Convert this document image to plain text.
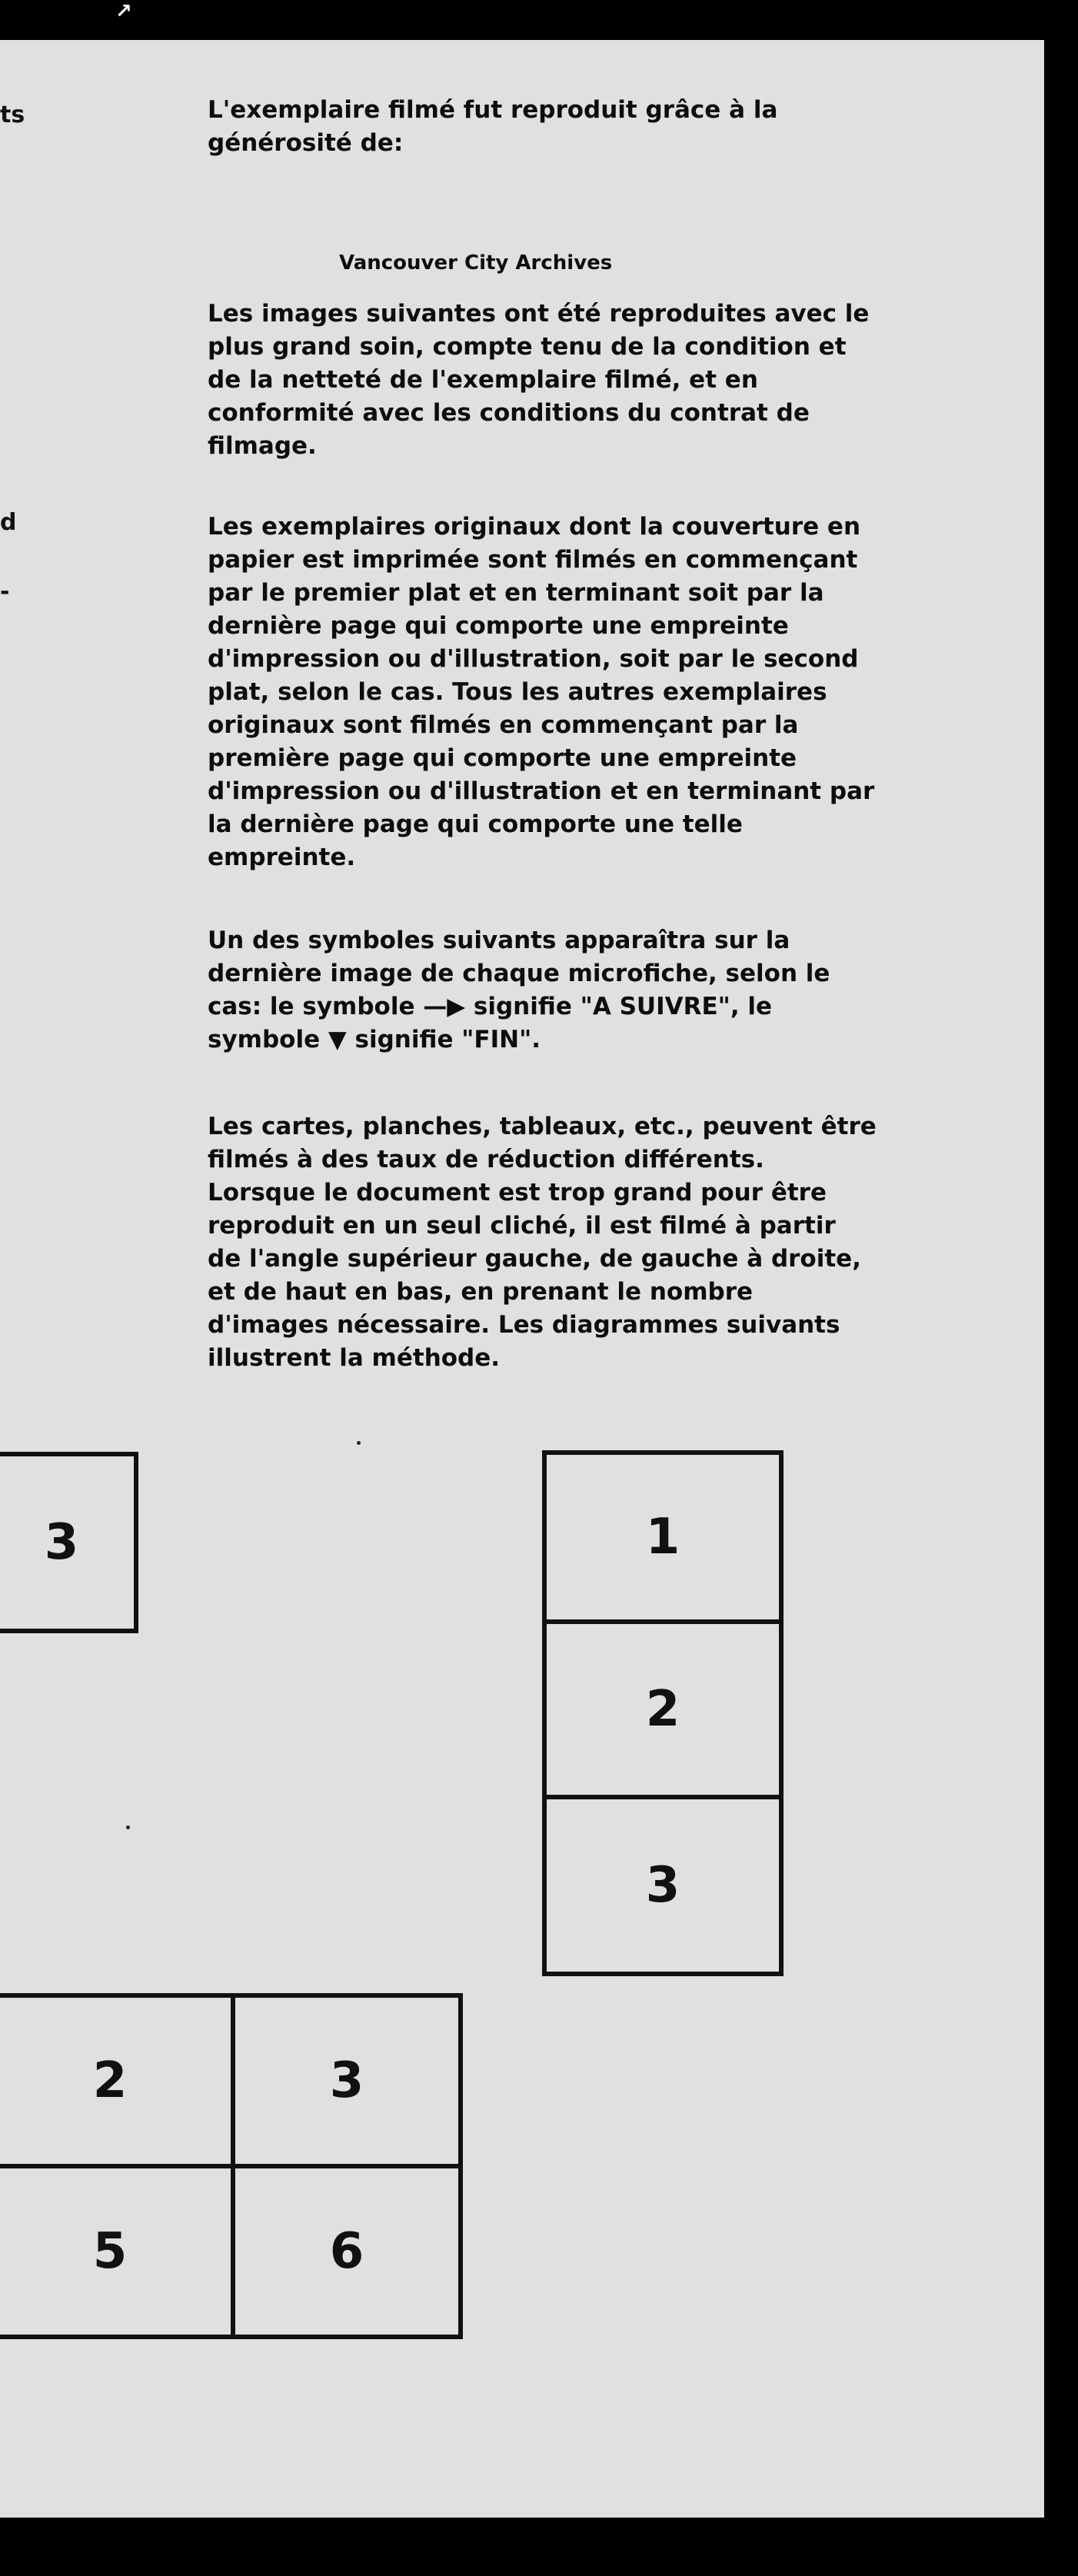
ts
d
-

L'exemplaire filmé fut reproduit grâce à la
générosité de:

Vancouver City Archives

Les images suivantes ont été reproduites avec le
plus grand soin, compte tenu de la condition et
de la netteté de l'exemplaire filmé, et en
conformité avec les conditions du contrat de
filmage.

Les exemplaires originaux dont la couverture en
papier est imprimée sont filmés en commençant
par le premier plat et en terminant soit par la
dernière page qui comporte une empreinte
d'impression ou d'illustration, soit par le second
plat, selon le cas. Tous les autres exemplaires
originaux sont filmés en commençant par la
première page qui comporte une empreinte
d'impression ou d'illustration et en terminant par
la dernière page qui comporte une telle
empreinte.

Un des symboles suivants apparaîtra sur la
dernière image de chaque microfiche, selon le
cas: le symbole —▶ signifie "A SUIVRE", le
symbole ▼ signifie "FIN".

Les cartes, planches, tableaux, etc., peuvent être
filmés à des taux de réduction différents.
Lorsque le document est trop grand pour être
reproduit en un seul cliché, il est filmé à partir
de l'angle supérieur gauche, de gauche à droite,
et de haut en bas, en prenant le nombre
d'images nécessaire. Les diagrammes suivants
illustrent la méthode.

3	1
2
3
2	3
5	6
↗
